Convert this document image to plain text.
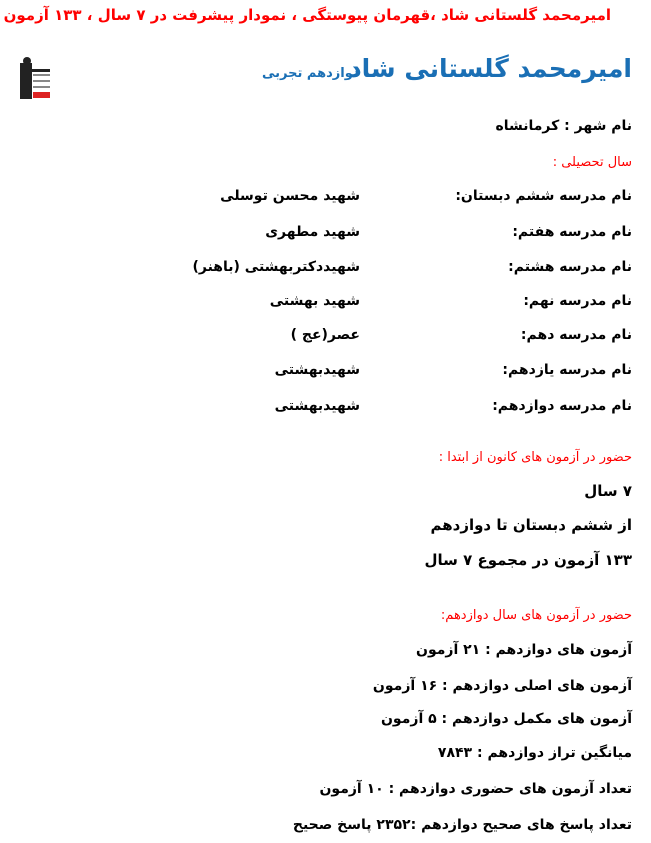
امیرمحمد گلستانی شاد ،قهرمان پیوستگی ، نمودار پیشرفت در ۷ سال ، ۱۳۳ آزمون
امیرمحمد گلستانی شاد
دوازدهم تجربی
نام شهر : کرمانشاه
سال تحصیلی :
نام مدرسه ششم دبستان:
شهید محسن توسلی
نام مدرسه هفتم:
شهید مطهری
نام مدرسه هشتم:
شهیددکتربهشتی (باهنر)
نام مدرسه نهم:
شهید بهشتی
نام مدرسه دهم:
عصر(عج )
نام مدرسه یازدهم:
شهیدبهشتی
نام مدرسه دوازدهم:
شهیدبهشتی
حضور در آزمون های کانون از ابتدا :
۷ سال
از ششم دبستان تا دوازدهم
۱۳۳ آزمون در مجموع ۷ سال
حضور در آزمون های سال دوازدهم:
آزمون های دوازدهم : ۲۱ آزمون
آزمون های اصلی دوازدهم : ۱۶ آزمون
آزمون های مکمل دوازدهم : ۵ آزمون
میانگین تراز دوازدهم : ۷۸۴۳
تعداد آزمون های حضوری دوازدهم : ۱۰ آزمون
تعداد پاسخ های صحیح دوازدهم :۲۳۵۲ پاسخ صحیح
